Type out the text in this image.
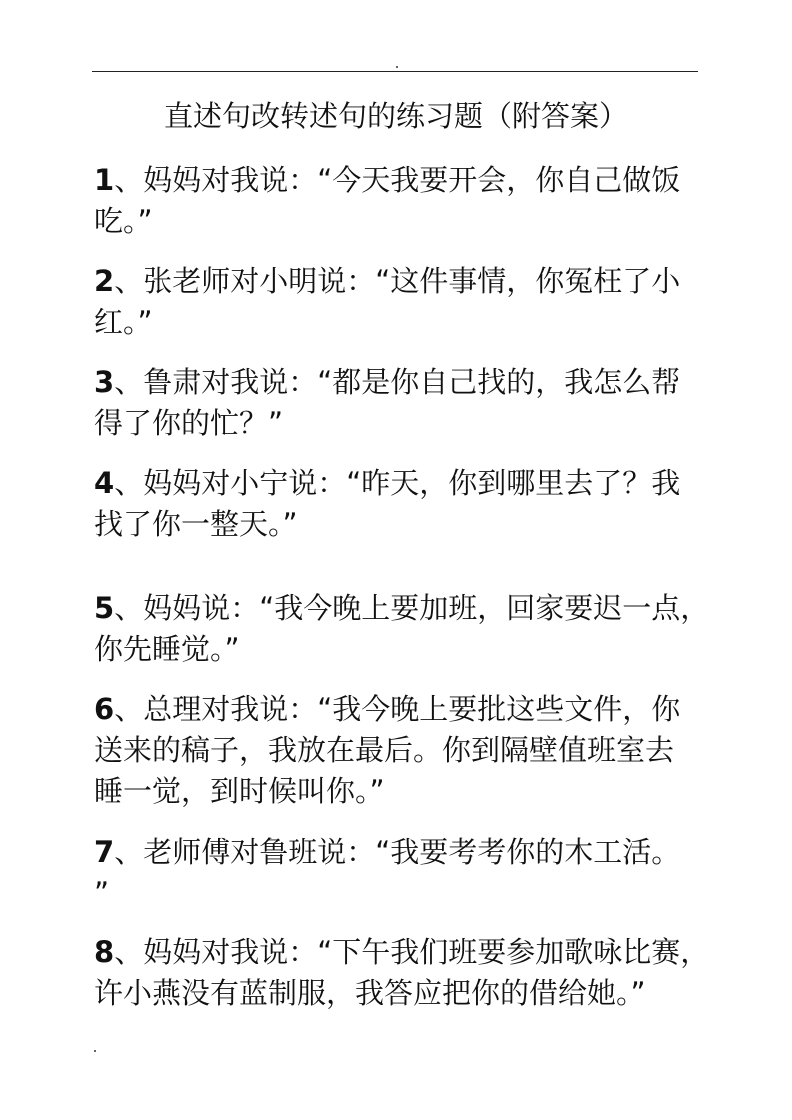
直述句改转述句的练习题（附答案）
1、妈妈对我说：“今天我要开会，你自己做饭
吃。”
2、张老师对小明说：“这件事情，你冤枉了小
红。”
3、鲁肃对我说：“都是你自己找的，我怎么帮
得了你的忙？”
4、妈妈对小宁说：“昨天，你到哪里去了？我
找了你一整天。”
5、妈妈说：“我今晚上要加班，回家要迟一点，
你先睡觉。”
6、总理对我说：“我今晚上要批这些文件，你
送来的稿子，我放在最后。你到隔壁值班室去
睡一觉，到时候叫你。”
7、老师傅对鲁班说：“我要考考你的木工活。
”
8、妈妈对我说：“下午我们班要参加歌咏比赛，
许小燕没有蓝制服，我答应把你的借给她。”
